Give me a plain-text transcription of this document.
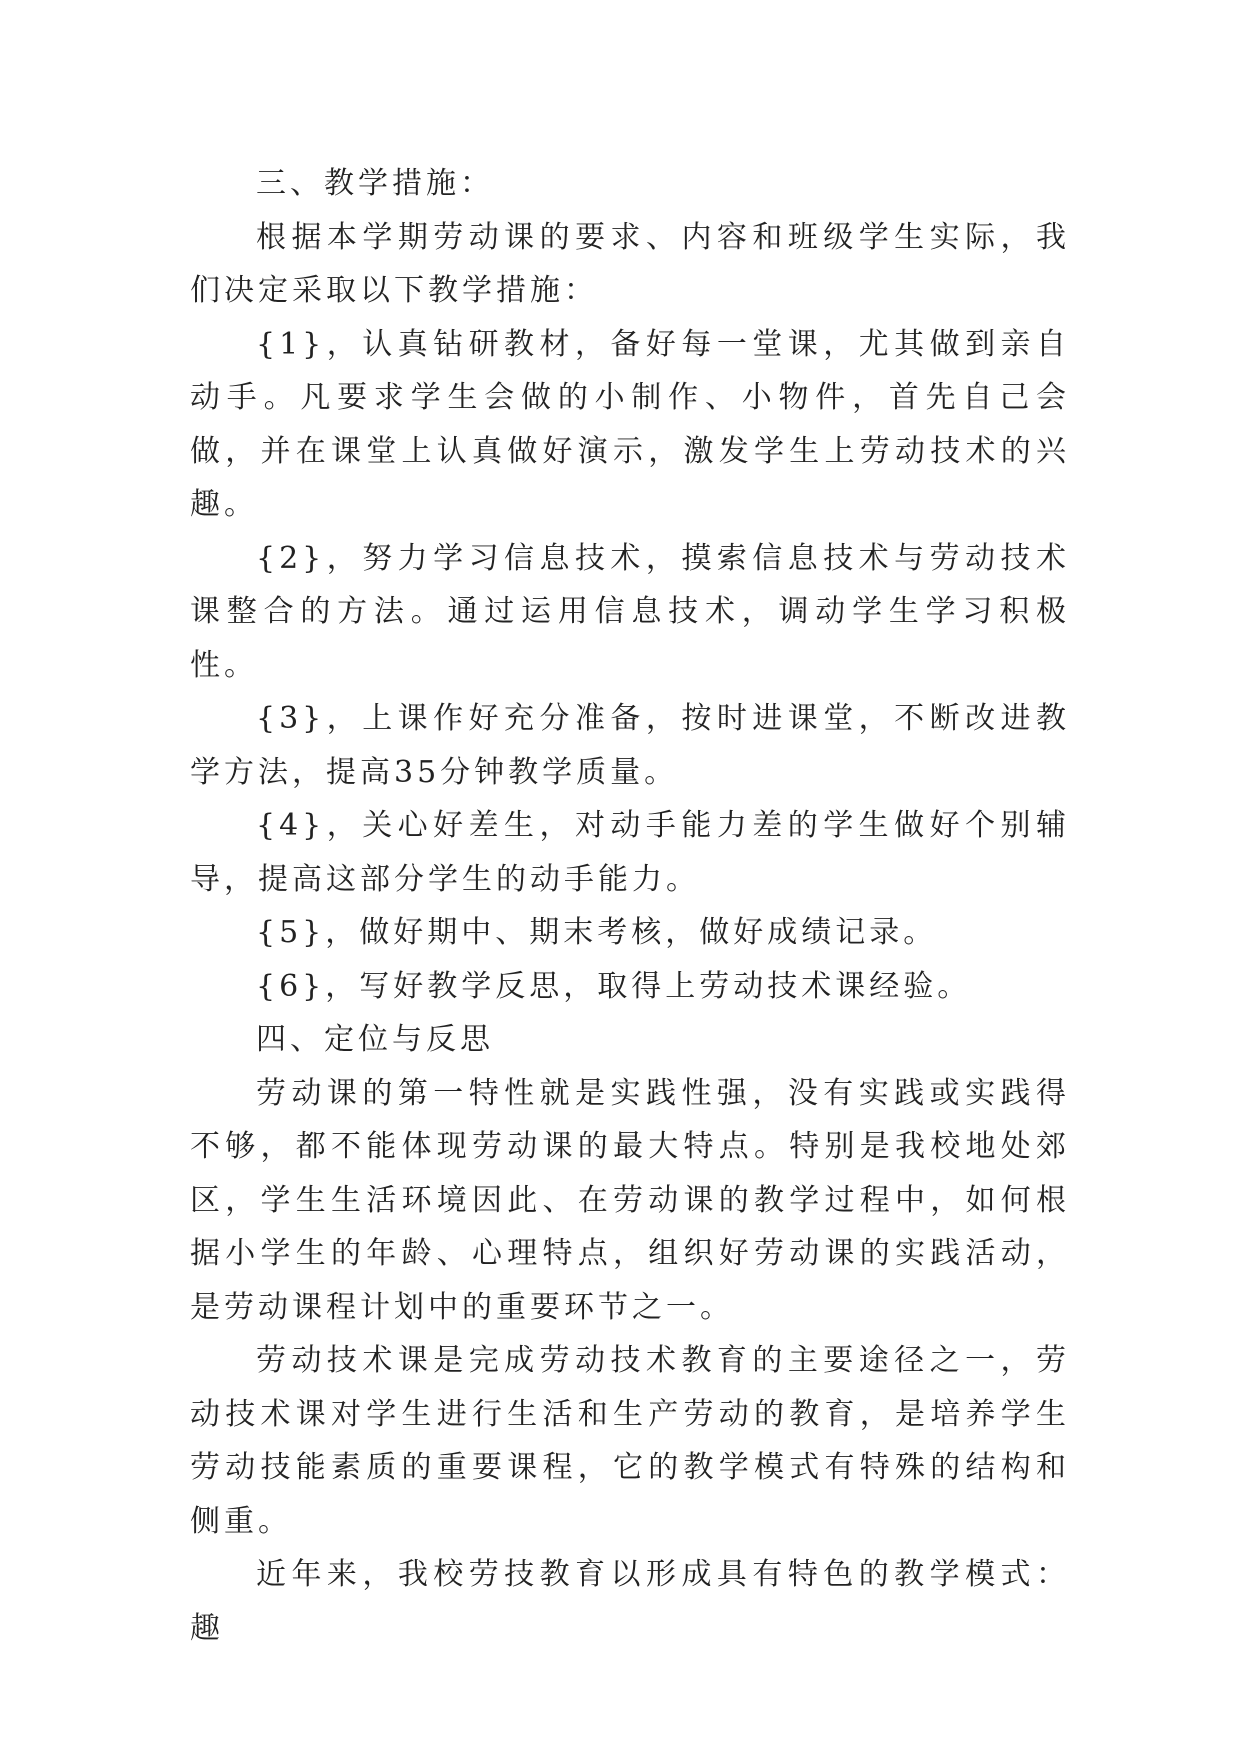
三、教学措施：

根据本学期劳动课的要求、内容和班级学生实际，我们决定采取以下教学措施：

{1}，认真钻研教材，备好每一堂课，尤其做到亲自动手。凡要求学生会做的小制作、小物件，首先自己会做，并在课堂上认真做好演示，激发学生上劳动技术的兴趣。

{2}，努力学习信息技术，摸索信息技术与劳动技术课整合的方法。通过运用信息技术，调动学生学习积极性。

{3}，上课作好充分准备，按时进课堂，不断改进教学方法，提高35分钟教学质量。

{4}，关心好差生，对动手能力差的学生做好个别辅导，提高这部分学生的动手能力。

{5}，做好期中、期末考核，做好成绩记录。

{6}，写好教学反思，取得上劳动技术课经验。

四、定位与反思

劳动课的第一特性就是实践性强，没有实践或实践得不够，都不能体现劳动课的最大特点。特别是我校地处郊区，学生生活环境因此、在劳动课的教学过程中，如何根据小学生的年龄、心理特点，组织好劳动课的实践活动，是劳动课程计划中的重要环节之一。

劳动技术课是完成劳动技术教育的主要途径之一，劳动技术课对学生进行生活和生产劳动的教育，是培养学生劳动技能素质的重要课程，它的教学模式有特殊的结构和侧重。

近年来，我校劳技教育以形成具有特色的教学模式：趣
